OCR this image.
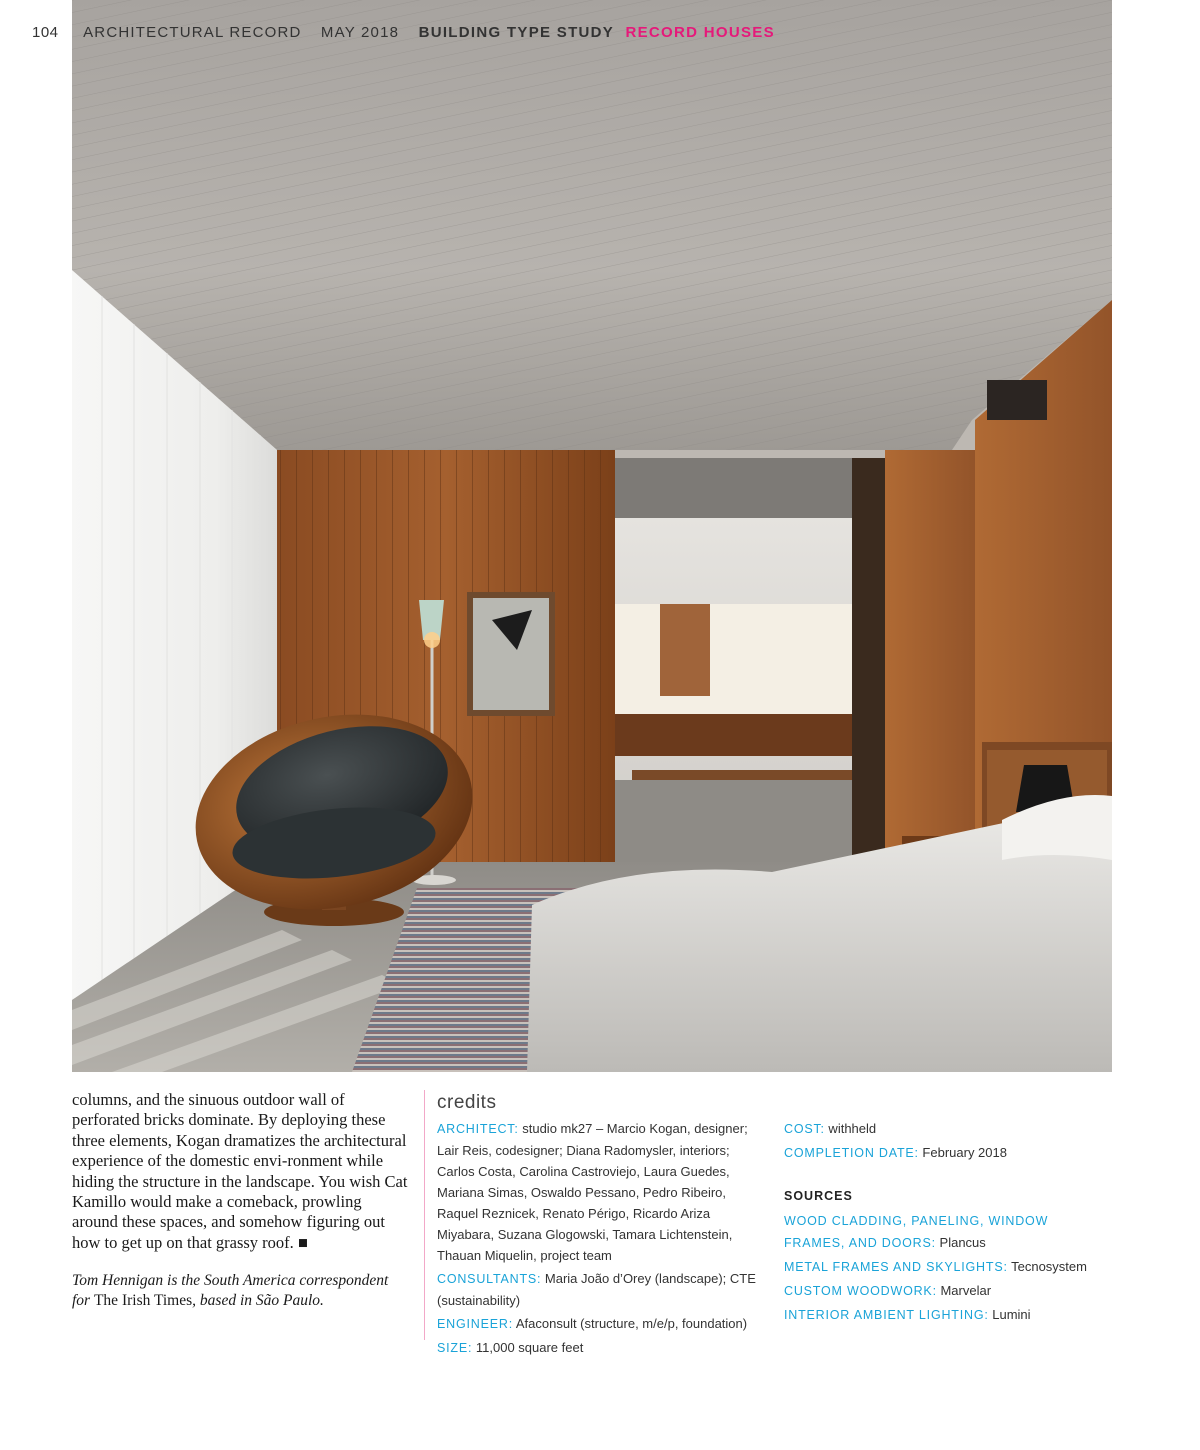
104 ARCHITECTURAL RECORD MAY 2018 BUILDING TYPE STUDY RECORD HOUSES

columns, and the sinuous outdoor wall of perforated bricks dominate. By deploying these three elements, Kogan dramatizes the architectural experience of the domestic envi-ronment while hiding the structure in the landscape. You wish Cat Kamillo would make a comeback, prowling around these spaces, and somehow figuring out how to get up on that grassy roof. ■

Tom Hennigan is the South America correspondent for The Irish Times, based in São Paulo.

credits

ARCHITECT: studio mk27 – Marcio Kogan, designer; Lair Reis, codesigner; Diana Radomysler, interiors; Carlos Costa, Carolina Castroviejo, Laura Guedes, Mariana Simas, Oswaldo Pessano, Pedro Ribeiro, Raquel Reznicek, Renato Périgo, Ricardo Ariza Miyabara, Suzana Glogowski, Tamara Lichtenstein, Thauan Miquelin, project team

CONSULTANTS: Maria João d’Orey (landscape); CTE (sustainability)

ENGINEER: Afaconsult (structure, m/e/p, foundation)

SIZE: 11,000 square feet

COST: withheld

COMPLETION DATE: February 2018

SOURCES

WOOD CLADDING, PANELING, WINDOW FRAMES, AND DOORS: Plancus

METAL FRAMES AND SKYLIGHTS: Tecnosystem

CUSTOM WOODWORK: Marvelar

INTERIOR AMBIENT LIGHTING: Lumini
